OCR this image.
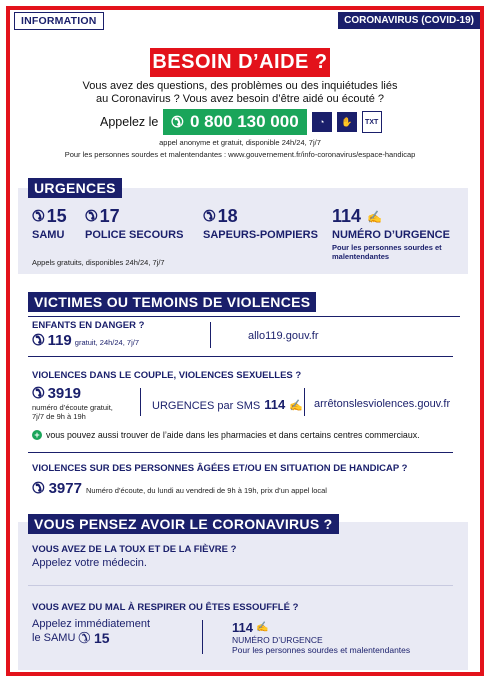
INFORMATION	CORONAVIRUS (COVID-19)
BESOIN D’AIDE ?
Vous avez des questions, des problèmes ou des inquiétudes liés
au Coronavirus ? Vous avez besoin d’être aidé ou écouté ?
Appelez le ✆ 0 800 130 000	◔	✋	TXT
appel anonyme et gratuit, disponible 24h/24, 7j/7
Pour les personnes sourdes et malentendantes : www.gouvernement.fr/info-coronavirus/espace-handicap
URGENCES
✆ 15
SAMU
✆ 17
POLICE SECOURS
✆ 18
SAPEURS-POMPIERS
114 ✍
NUMÉRO D’URGENCE
Pour les personnes sourdes et malentendantes
Appels gratuits, disponibles 24h/24, 7j/7
VICTIMES OU TEMOINS DE VIOLENCES
ENFANTS EN DANGER ?
✆ 119 gratuit, 24h/24, 7j/7
allo119.gouv.fr
VIOLENCES DANS LE COUPLE, VIOLENCES SEXUELLES ?
✆ 3919
numéro d’écoute gratuit,
7j/7 de 9h à 19h
URGENCES par SMS 114 ✍ arrêtonslesviolences.gouv.fr
+ vous pouvez aussi trouver de l’aide dans les pharmacies et dans certains centres commerciaux.
VIOLENCES SUR DES PERSONNES ÂGÉES ET/OU EN SITUATION DE HANDICAP ?
✆ 3977 Numéro d’écoute, du lundi au vendredi de 9h à 19h, prix d’un appel local
VOUS PENSEZ AVOIR LE CORONAVIRUS ?
VOUS AVEZ DE LA TOUX ET DE LA FIÈVRE ?
Appelez votre médecin.
VOUS AVEZ DU MAL À RESPIRER OU ÊTES ESSOUFFLÉ ?
Appelez immédiatement
le SAMU ✆ 15
114 ✍
NUMÉRO D’URGENCE
Pour les personnes sourdes et malentendantes
